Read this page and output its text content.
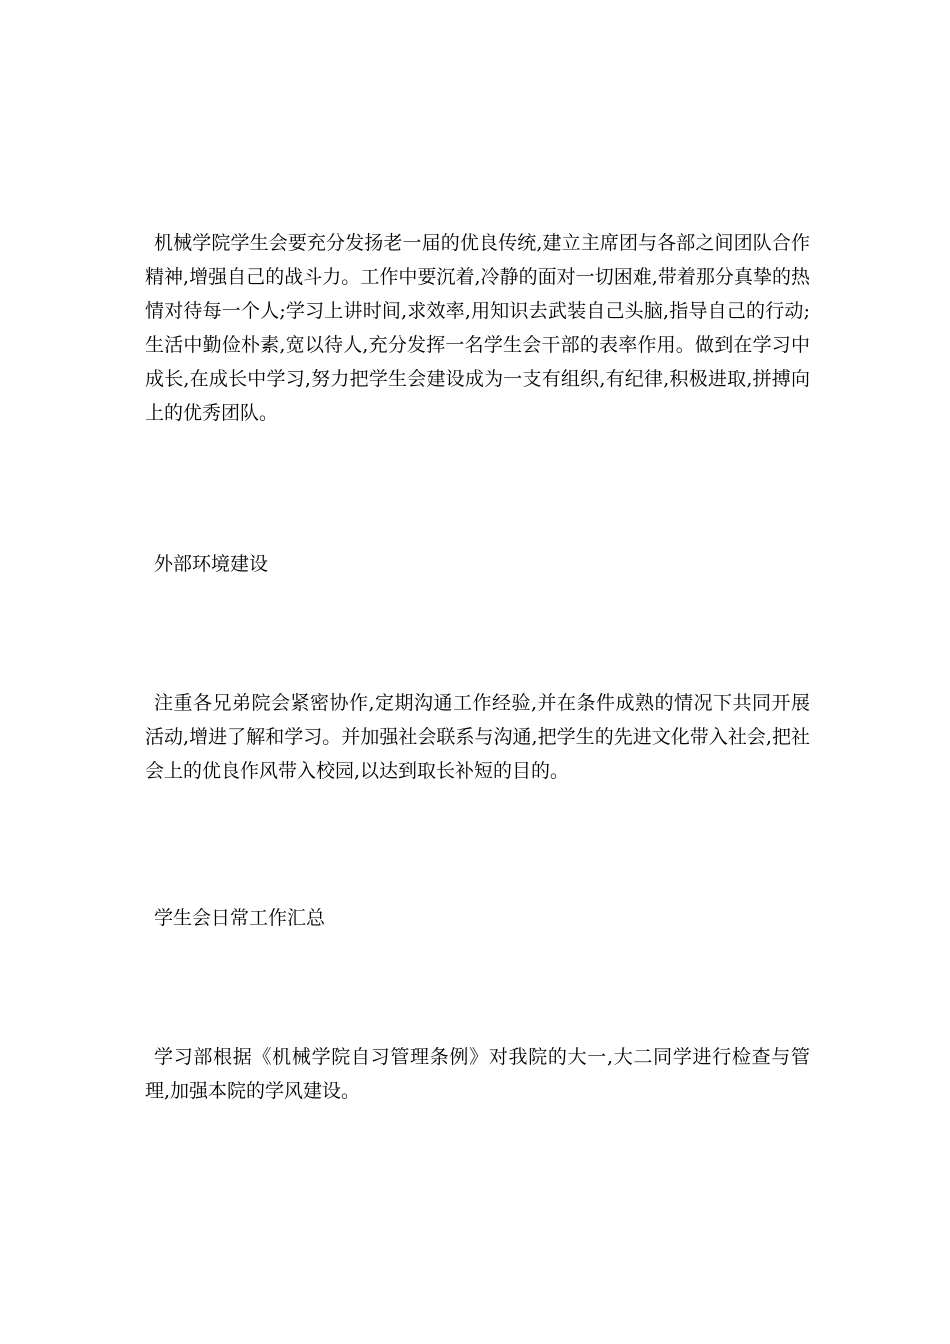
机械学院学生会要充分发扬老一届的优良传统,建立主席团与各部之间团队合作精神,增强自己的战斗力。工作中要沉着,冷静的面对一切困难,带着那分真挚的热情对待每一个人;学习上讲时间,求效率,用知识去武装自己头脑,指导自己的行动;生活中勤俭朴素,宽以待人,充分发挥一名学生会干部的表率作用。做到在学习中成长,在成长中学习,努力把学生会建设成为一支有组织,有纪律,积极进取,拼搏向上的优秀团队。

外部环境建设

注重各兄弟院会紧密协作,定期沟通工作经验,并在条件成熟的情况下共同开展活动,增进了解和学习。并加强社会联系与沟通,把学生的先进文化带入社会,把社会上的优良作风带入校园,以达到取长补短的目的。

学生会日常工作汇总

学习部根据《机械学院自习管理条例》对我院的大一,大二同学进行检查与管理,加强本院的学风建设。
